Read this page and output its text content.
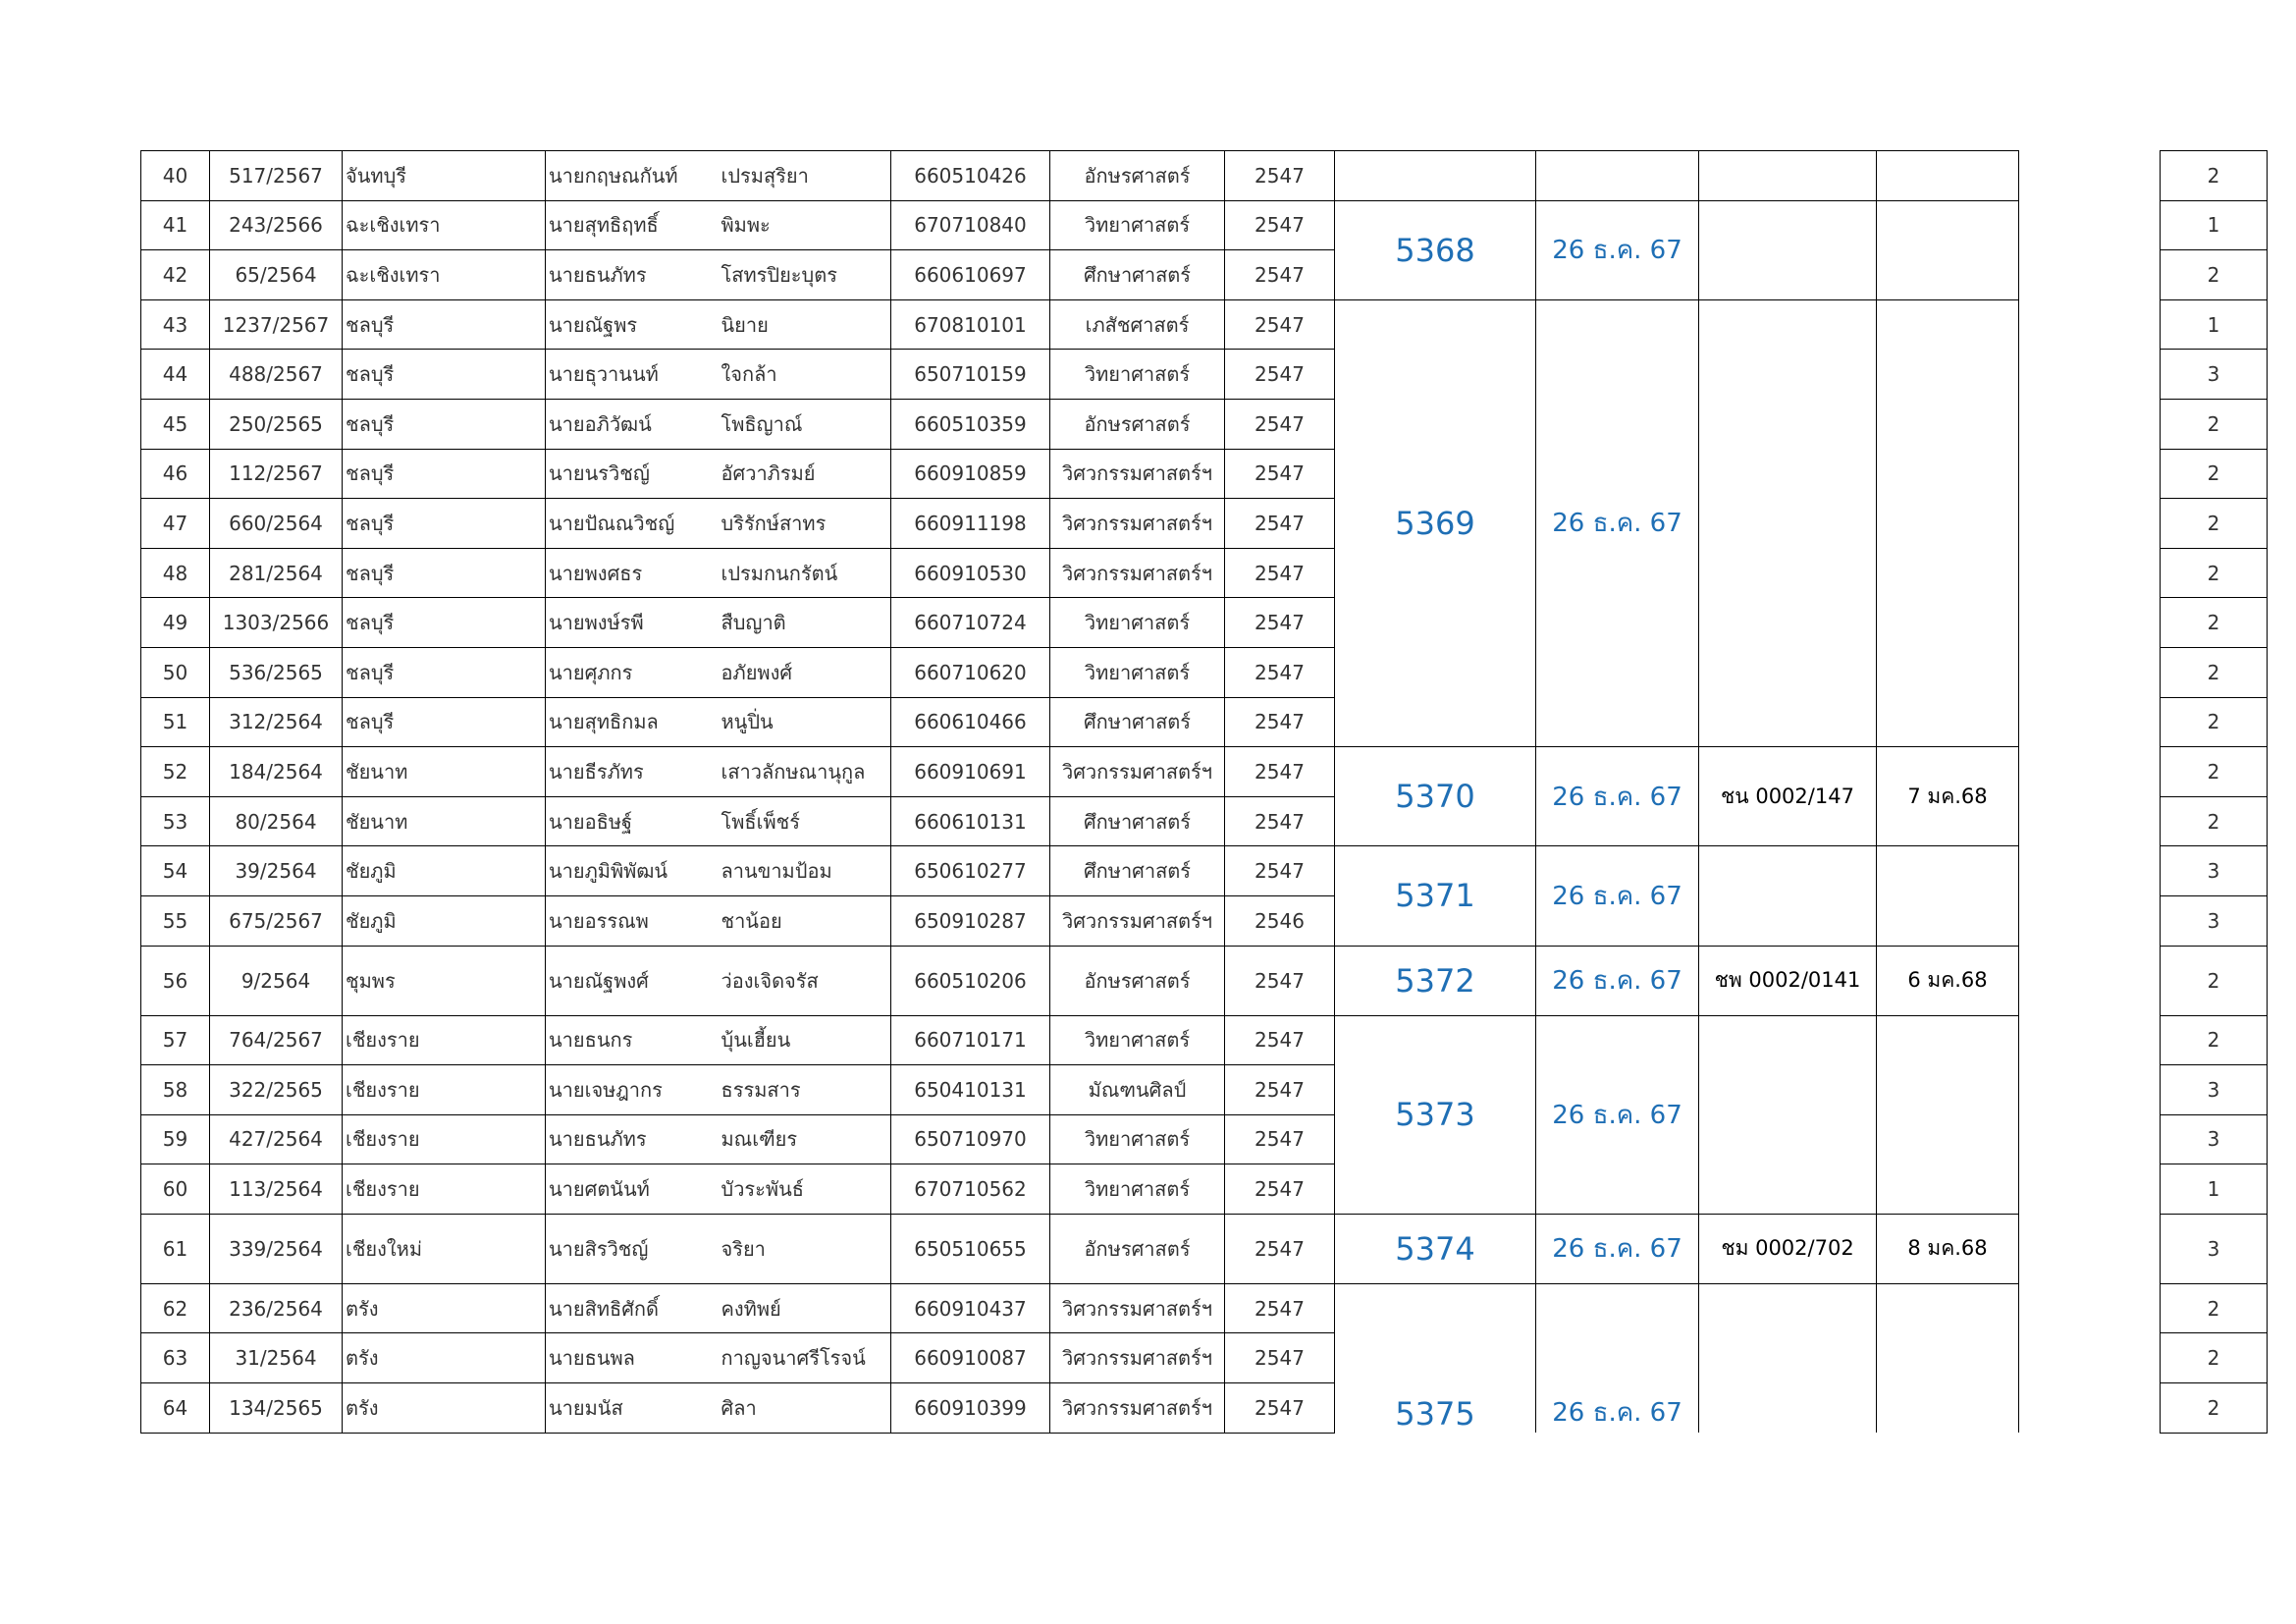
40	517/2567	จันทบุรี	นายกฤษณกันท์	เปรมสุริยา	660510426	อักษรศาสตร์	2547						2
41	243/2566	ฉะเชิงเทรา	นายสุทธิฤทธิ์	พิมพะ	670710840	วิทยาศาสตร์	2547	5368	26 ธ.ค. 67				1
42	65/2564	ฉะเชิงเทรา	นายธนภัทร	โสทรปิยะบุตร	660610697	ศึกษาศาสตร์	2547						2
43	1237/2567	ชลบุรี	นายณัฐพร	นิยาย	670810101	เภสัชศาสตร์	2547	5369	26 ธ.ค. 67				1
44	488/2567	ชลบุรี	นายธุวานนท์	ใจกล้า	650710159	วิทยาศาสตร์	2547						3
45	250/2565	ชลบุรี	นายอภิวัฒน์	โพธิญาณ์	660510359	อักษรศาสตร์	2547						2
46	112/2567	ชลบุรี	นายนรวิชญ์	อัศวาภิรมย์	660910859	วิศวกรรมศาสตร์ฯ	2547						2
47	660/2564	ชลบุรี	นายปัณณวิชญ์	บริรักษ์สาทร	660911198	วิศวกรรมศาสตร์ฯ	2547						2
48	281/2564	ชลบุรี	นายพงศธร	เปรมกนกรัตน์	660910530	วิศวกรรมศาสตร์ฯ	2547						2
49	1303/2566	ชลบุรี	นายพงษ์รพี	สืบญาติ	660710724	วิทยาศาสตร์	2547						2
50	536/2565	ชลบุรี	นายศุภกร	อภัยพงศ์	660710620	วิทยาศาสตร์	2547						2
51	312/2564	ชลบุรี	นายสุทธิกมล	หนูปิ่น	660610466	ศึกษาศาสตร์	2547						2
52	184/2564	ชัยนาท	นายธีรภัทร	เสาวลักษณานุกูล	660910691	วิศวกรรมศาสตร์ฯ	2547	5370	26 ธ.ค. 67	ชน 0002/147	7 มค.68		2
53	80/2564	ชัยนาท	นายอธิษฐ์	โพธิ์เพ็ชร์	660610131	ศึกษาศาสตร์	2547						2
54	39/2564	ชัยภูมิ	นายภูมิพิพัฒน์	ลานขามป้อม	650610277	ศึกษาศาสตร์	2547	5371	26 ธ.ค. 67				3
55	675/2567	ชัยภูมิ	นายอรรณพ	ชาน้อย	650910287	วิศวกรรมศาสตร์ฯ	2546						3
56	9/2564	ชุมพร	นายณัฐพงศ์	ว่องเจิดจรัส	660510206	อักษรศาสตร์	2547	5372	26 ธ.ค. 67	ชพ 0002/0141	6 มค.68		2
57	764/2567	เชียงราย	นายธนกร	บุ้นเฮี้ยน	660710171	วิทยาศาสตร์	2547	5373	26 ธ.ค. 67				2
58	322/2565	เชียงราย	นายเจษฎากร	ธรรมสาร	650410131	มัณฑนศิลป์	2547						3
59	427/2564	เชียงราย	นายธนภัทร	มณเฑียร	650710970	วิทยาศาสตร์	2547						3
60	113/2564	เชียงราย	นายศตนันท์	บัวระพันธ์	670710562	วิทยาศาสตร์	2547						1
61	339/2564	เชียงใหม่	นายสิรวิชญ์	จริยา	650510655	อักษรศาสตร์	2547	5374	26 ธ.ค. 67	ชม 0002/702	8 มค.68		3
62	236/2564	ตรัง	นายสิทธิศักดิ์	คงทิพย์	660910437	วิศวกรรมศาสตร์ฯ	2547	5375	26 ธ.ค. 67				2
63	31/2564	ตรัง	นายธนพล	กาญจนาศรีโรจน์	660910087	วิศวกรรมศาสตร์ฯ	2547						2
64	134/2565	ตรัง	นายมนัส	ศิลา	660910399	วิศวกรรมศาสตร์ฯ	2547						2
